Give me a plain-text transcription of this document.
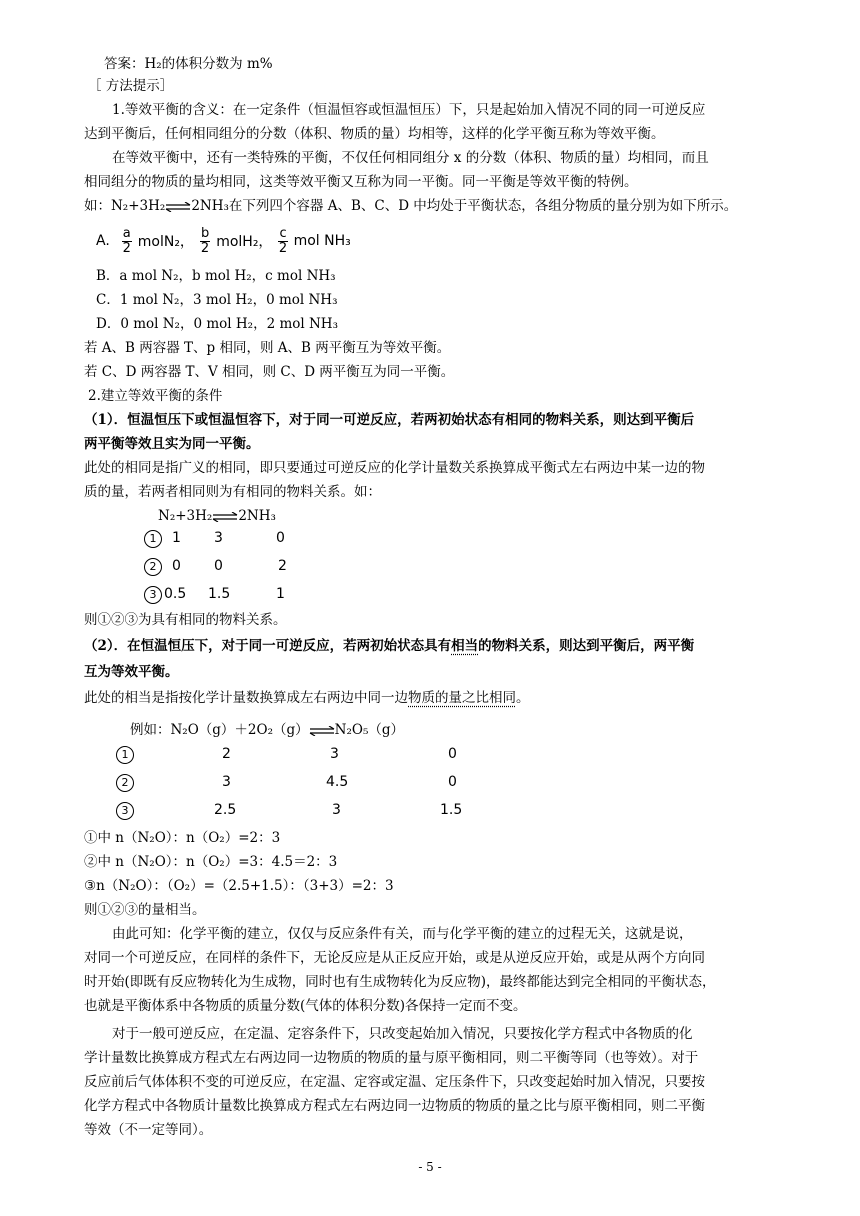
答案：H₂的体积分数为 m%
［ 方法提示］
1.等效平衡的含义：在一定条件（恒温恒容或恒温恒压）下，只是起始加入情况不同的同一可逆反应
达到平衡后，任何相同组分的分数（体积、物质的量）均相等，这样的化学平衡互称为等效平衡。
在等效平衡中，还有一类特殊的平衡，不仅任何相同组分 x 的分数（体积、物质的量）均相同，而且
相同组分的物质的量均相同，这类等效平衡又互称为同一平衡。同一平衡是等效平衡的特例。
如：N₂+3H₂⇌2NH₃在下列四个容器 A、B、C、D 中均处于平衡状态，各组分物质的量分别为如下所示。
A. $\frac{a}{2}$ molN₂， $\frac{b}{2}$ molH₂， $\frac{c}{2}$ mol NH₃
B．a mol N₂，b mol H₂，c mol NH₃
C．1 mol N₂，3 mol H₂，0 mol NH₃
D．0 mol N₂，0 mol H₂，2 mol NH₃
若 A、B 两容器 T、p 相同，则 A、B 两平衡互为等效平衡。
若 C、D 两容器 T、V 相同，则 C、D 两平衡互为同一平衡。
2.建立等效平衡的条件
（1）．恒温恒压下或恒温恒容下，对于同一可逆反应，若两初始状态有相同的物料关系，则达到平衡后
两平衡等效且实为同一平衡。
此处的相同是指广义的相同，即只要通过可逆反应的化学计量数关系换算成平衡式左右两边中某一边的物
质的量，若两者相同则为有相同的物料关系。如：
N₂+3H₂⇌2NH₃
1	1 3	0
2	0 0	2
3 0.5 1.5	1
则①②③为具有相同的物料关系。
（2）．在恒温恒压下，对于同一可逆反应，若两初始状态具有相当的物料关系，则达到平衡后，两平衡
互为等效平衡。
此处的相当是指按化学计量数换算成左右两边中同一边物质的量之比相同。
例如：N₂O（g）＋2O₂（g）⇌N₂O₅（g）
1	2	3	0
2	3	4.5	0
3	2.5	3	1.5
①中 n（N₂O）：n（O₂）=2：3
②中 n（N₂O）：n（O₂）=3：4.5＝2：3
③n（N₂O）：（O₂）=（2.5+1.5）：（3+3）=2：3
则①②③的量相当。
由此可知：化学平衡的建立，仅仅与反应条件有关，而与化学平衡的建立的过程无关，这就是说，
对同一个可逆反应，在同样的条件下，无论反应是从正反应开始，或是从逆反应开始，或是从两个方向同
时开始(即既有反应物转化为生成物，同时也有生成物转化为反应物)，最终都能达到完全相同的平衡状态，
也就是平衡体系中各物质的质量分数(气体的体积分数)各保持一定而不变。
对于一般可逆反应，在定温、定容条件下，只改变起始加入情况，只要按化学方程式中各物质的化
学计量数比换算成方程式左右两边同一边物质的物质的量与原平衡相同，则二平衡等同（也等效）。对于
反应前后气体体积不变的可逆反应，在定温、定容或定温、定压条件下，只改变起始时加入情况，只要按
化学方程式中各物质计量数比换算成方程式左右两边同一边物质的物质的量之比与原平衡相同，则二平衡
等效（不一定等同）。
- 5 -
